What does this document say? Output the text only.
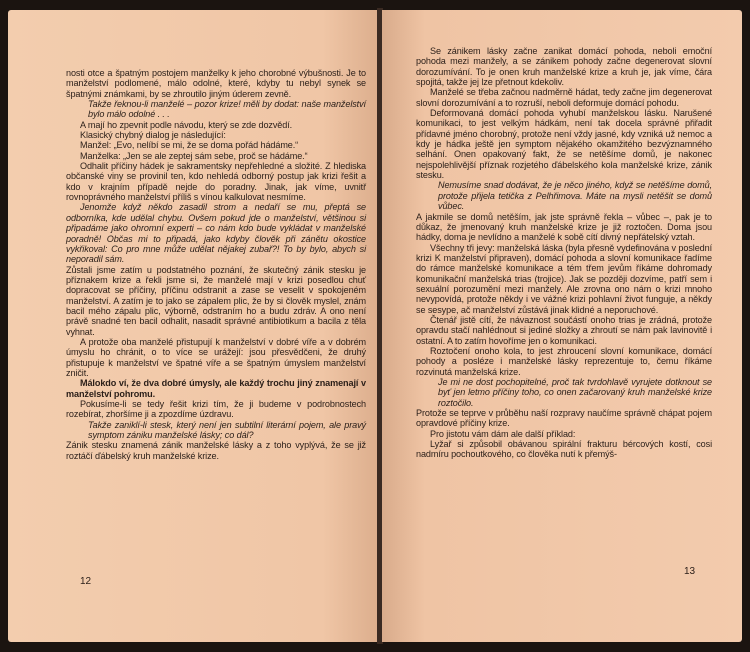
nosti otce a špatným postojem manželky k jeho chorobné výbušnosti. Je to manželství podlomené, málo odolné, které, kdyby tu nebyl synek se špatnými známkami, by se zhroutilo jiným úderem zevně.

Takže řeknou-li manželé – pozor krize! měli by dodat: naše manželství bylo málo odolné . . .

A mají ho zpevnit podle návodu, který se zde dozvědí.

Klasický chybný dialog je následující:

Manžel: „Evo, nelíbí se mi, že se doma pořád hádáme.“

Manželka: „Jen se ale zeptej sám sebe, proč se hádáme.“

Odhalit příčiny hádek je sakramentsky nepřehledné a složité. Z hlediska občanské viny se provinil ten, kdo nehledá odborný postup jak krizi řešit a kdo v krajním případě nejde do poradny. Jinak, jak víme, uvnitř rovnoprávného manželství příliš s vínou kalkulovat nesmíme.

Jenomže když někdo zasadil strom a nedaří se mu, přeptá se odborníka, kde udělal chybu. Ovšem pokud jde o manželství, většinou si připadáme jako ohromní experti – co nám kdo bude vykládat v manželské poradně! Občas mi to připadá, jako kdyby člověk při zánětu okostice vykřikoval: Co pro mne může udělat nějakej zubař?! To by bylo, abych si neporadil sám.

Zůstali jsme zatím u podstatného poznání, že skutečný zánik stesku je příznakem krize a řekli jsme si, že manželé mají v krizi posedlou chuť dopracovat se příčiny, příčinu odstranit a zase se veselit v spokojeném manželství. A zatím je to jako se zápalem plic, že by si člověk myslel, znám bacil mého zápalu plic, výborně, odstraním ho a budu zdráv. A ono není právě snadné ten bacil odhalit, nasadit správné antibiotikum a bacila z těla vyhnat.

A protože oba manželé přistupují k manželství v dobré víře a v dobrém úmyslu ho chránit, o to více se urážejí: jsou přesvědčeni, že druhý přistupuje k manželství ve špatné víře a se špatným úmyslem manželství zničit.

Málokdo ví, že dva dobré úmysly, ale každý trochu jiný znamenají v manželství pohromu.

Pokusíme-li se tedy řešit krizi tím, že ji budeme v podrobnostech rozebírat, zhoršíme ji a zpozdíme úzdravu.

Takže zaniklí-li stesk, který není jen subtilní literární pojem, ale pravý symptom zániku manželské lásky; co dál?

Zánik stesku znamená zánik manželské lásky a z toho vyplývá, že se již roztáčí ďábelský kruh manželské krize.

12

Se zánikem lásky začne zanikat domácí pohoda, neboli emoční pohoda mezi manžely, a se zánikem pohody začne degenerovat slovní dorozumívání. To je onen kruh manželské krize a kruh je, jak víme, čára spojitá, takže jej lze přetnout kdekoliv.

Manželé se třeba začnou nadměrně hádat, tedy začne jim degenerovat slovní dorozumívání a to rozruší, neboli deformuje domácí pohodu.

Deformovaná domácí pohoda vyhubí manželskou lásku. Narušené komunikaci, to jest velkým hádkám, není tak docela správné přiřadit přídavné jméno chorobný, protože není vždy jasné, kdy vzniká už nemoc a kdy je hádka ještě jen symptom nějakého okamžitého bezvýznamného selhání. Onen opakovaný fakt, že se netěšíme domů, je nakonec nejspolehlivější příznak rozjetého ďábelského kola manželské krize, zánik stesku.

Nemusíme snad dodávat, že je něco jiného, když se netěšíme domů, protože přijela tetička z Pelhřimova. Máte na mysli netěšit se domů vůbec.

A jakmile se domů netěším, jak jste správně řekla – vůbec –, pak je to důkaz, že jmenovaný kruh manželské krize je již roztočen. Doma jsou hádky, doma je nevlídno a manželé k sobě cítí divný nepřátelský vztah.

Všechny tři jevy: manželská láska (byla přesně vydefinována v poslední krizi K manželství připraven), domácí pohoda a slovní komunikace řadíme do rámce manželské komunikace a tém třem jevům říkáme dohromady komunikační manželská trias (trojice). Jak se později dozvíme, patří sem i sexuální porozumění mezi manžely. Ale zrovna ono nám o krizi mnoho nevypovídá, protože někdy i ve vážné krizi pohlavní život funguje, a někdy se sesype, ač manželství zůstává jinak klidné a neporuchové.

Čtenář jistě cítí, že návaznost součástí onoho trias je zrádná, protože opravdu stačí nahlédnout si jediné složky a zhroutí se nám pak lavinovitě i ostatní. A to zatím hovoříme jen o komunikaci.

Roztočení onoho kola, to jest zhroucení slovní komunikace, domácí pohody a posléze i manželské lásky reprezentuje to, čemu říkáme rozvinutá manželská krize.

Je mi ne dost pochopitelné, proč tak tvrdohlavě vyrujete dotknout se byť jen letmo příčiny toho, co onen začarovaný kruh manželské krize roztočilo.

Protože se teprve v průběhu naší rozpravy naučíme správně chápat pojem opravdové příčiny krize.

Pro jistotu vám dám ale další příklad:

Lyžař si způsobil obávanou spirální frakturu bércových kostí, cosi nadmíru pochoutkového, co člověka nutí k přemýš-

13
